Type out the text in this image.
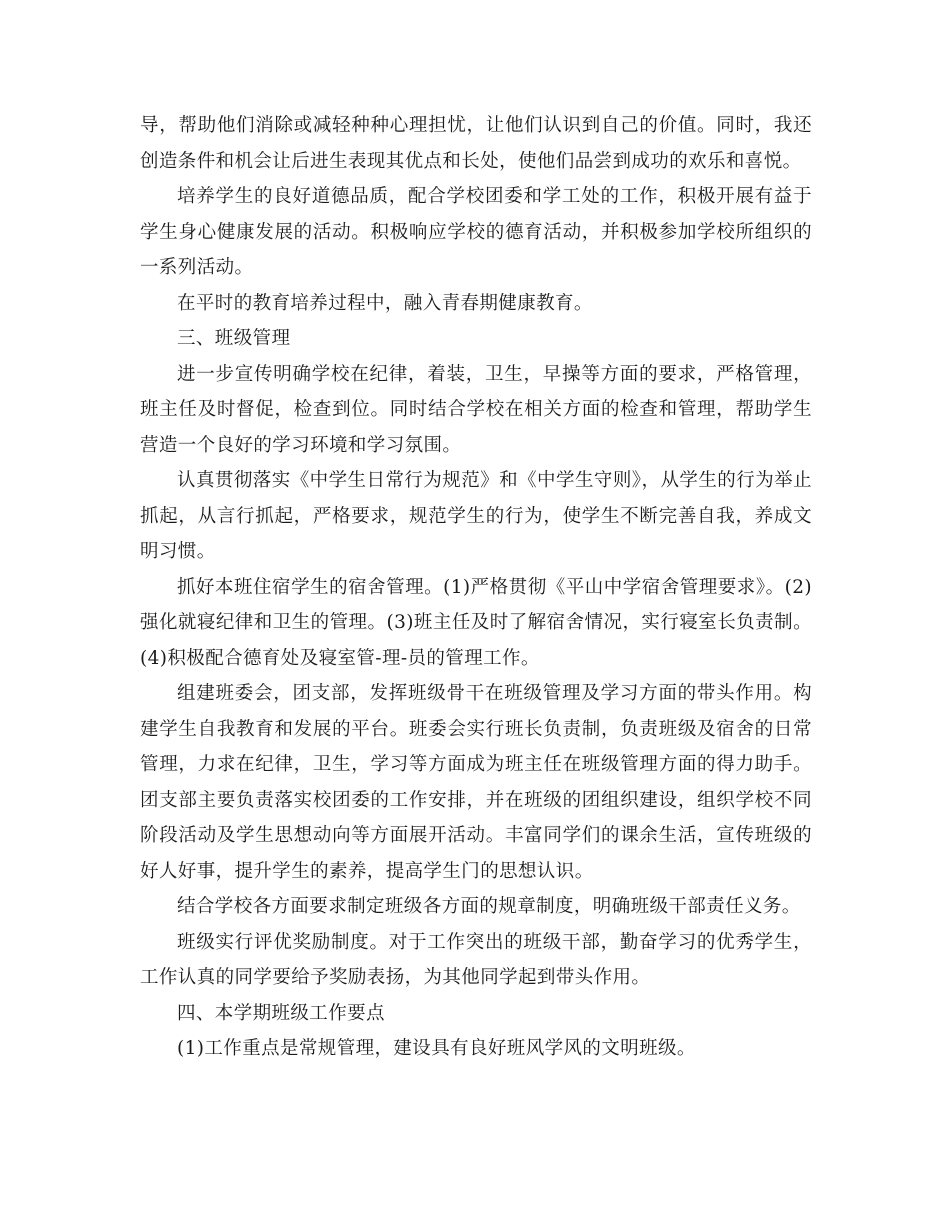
导，帮助他们消除或减轻种种心理担忧，让他们认识到自己的价值。同时，我还创造条件和机会让后进生表现其优点和长处，使他们品尝到成功的欢乐和喜悦。

培养学生的良好道德品质，配合学校团委和学工处的工作，积极开展有益于学生身心健康发展的活动。积极响应学校的德育活动，并积极参加学校所组织的一系列活动。

在平时的教育培养过程中，融入青春期健康教育。

三、班级管理

进一步宣传明确学校在纪律，着装，卫生，早操等方面的要求，严格管理，班主任及时督促，检查到位。同时结合学校在相关方面的检查和管理，帮助学生营造一个良好的学习环境和学习氛围。

认真贯彻落实《中学生日常行为规范》和《中学生守则》，从学生的行为举止抓起，从言行抓起，严格要求，规范学生的行为，使学生不断完善自我，养成文明习惯。

抓好本班住宿学生的宿舍管理。(1)严格贯彻《平山中学宿舍管理要求》。(2)强化就寝纪律和卫生的管理。(3)班主任及时了解宿舍情况，实行寝室长负责制。(4)积极配合德育处及寝室管-理-员的管理工作。

组建班委会，团支部，发挥班级骨干在班级管理及学习方面的带头作用。构建学生自我教育和发展的平台。班委会实行班长负责制，负责班级及宿舍的日常管理，力求在纪律，卫生，学习等方面成为班主任在班级管理方面的得力助手。团支部主要负责落实校团委的工作安排，并在班级的团组织建设，组织学校不同阶段活动及学生思想动向等方面展开活动。丰富同学们的课余生活，宣传班级的好人好事，提升学生的素养，提高学生门的思想认识。

结合学校各方面要求制定班级各方面的规章制度，明确班级干部责任义务。

班级实行评优奖励制度。对于工作突出的班级干部，勤奋学习的优秀学生，工作认真的同学要给予奖励表扬，为其他同学起到带头作用。

四、本学期班级工作要点

(1)工作重点是常规管理，建设具有良好班风学风的文明班级。
